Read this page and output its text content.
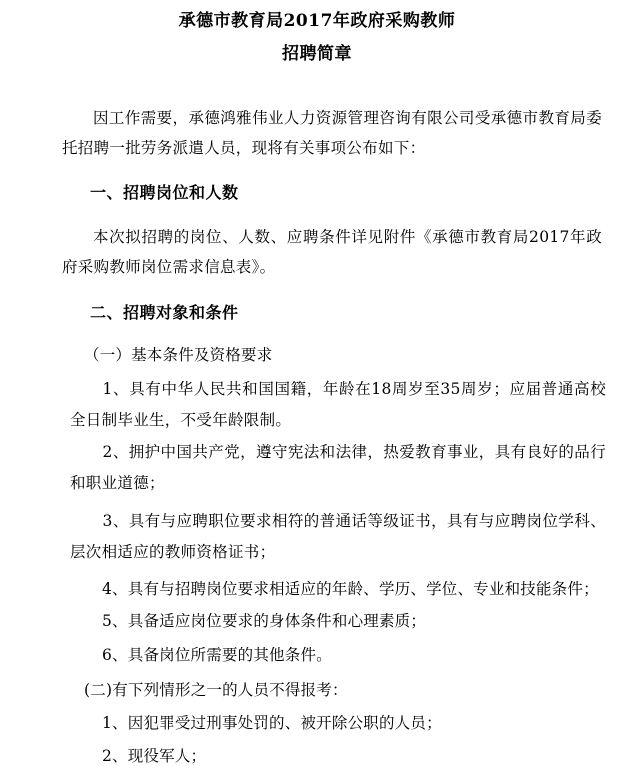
承德市教育局2017年政府采购教师
招聘简章

因工作需要，承德鸿雅伟业人力资源管理咨询有限公司受承德市教育局委托招聘一批劳务派遣人员，现将有关事项公布如下：

一、招聘岗位和人数

本次拟招聘的岗位、人数、应聘条件详见附件《承德市教育局2017年政府采购教师岗位需求信息表》。

二、招聘对象和条件
（一）基本条件及资格要求

1、具有中华人民共和国国籍，年龄在18周岁至35周岁；应届普通高校全日制毕业生，不受年龄限制。

2、拥护中国共产党，遵守宪法和法律，热爱教育事业，具有良好的品行和职业道德；

3、具有与应聘职位要求相符的普通话等级证书，具有与应聘岗位学科、层次相适应的教师资格证书；

4、具有与招聘岗位要求相适应的年龄、学历、学位、专业和技能条件；
5、具备适应岗位要求的身体条件和心理素质；
6、具备岗位所需要的其他条件。
(二)有下列情形之一的人员不得报考：
1、因犯罪受过刑事处罚的、被开除公职的人员；
2、现役军人；
